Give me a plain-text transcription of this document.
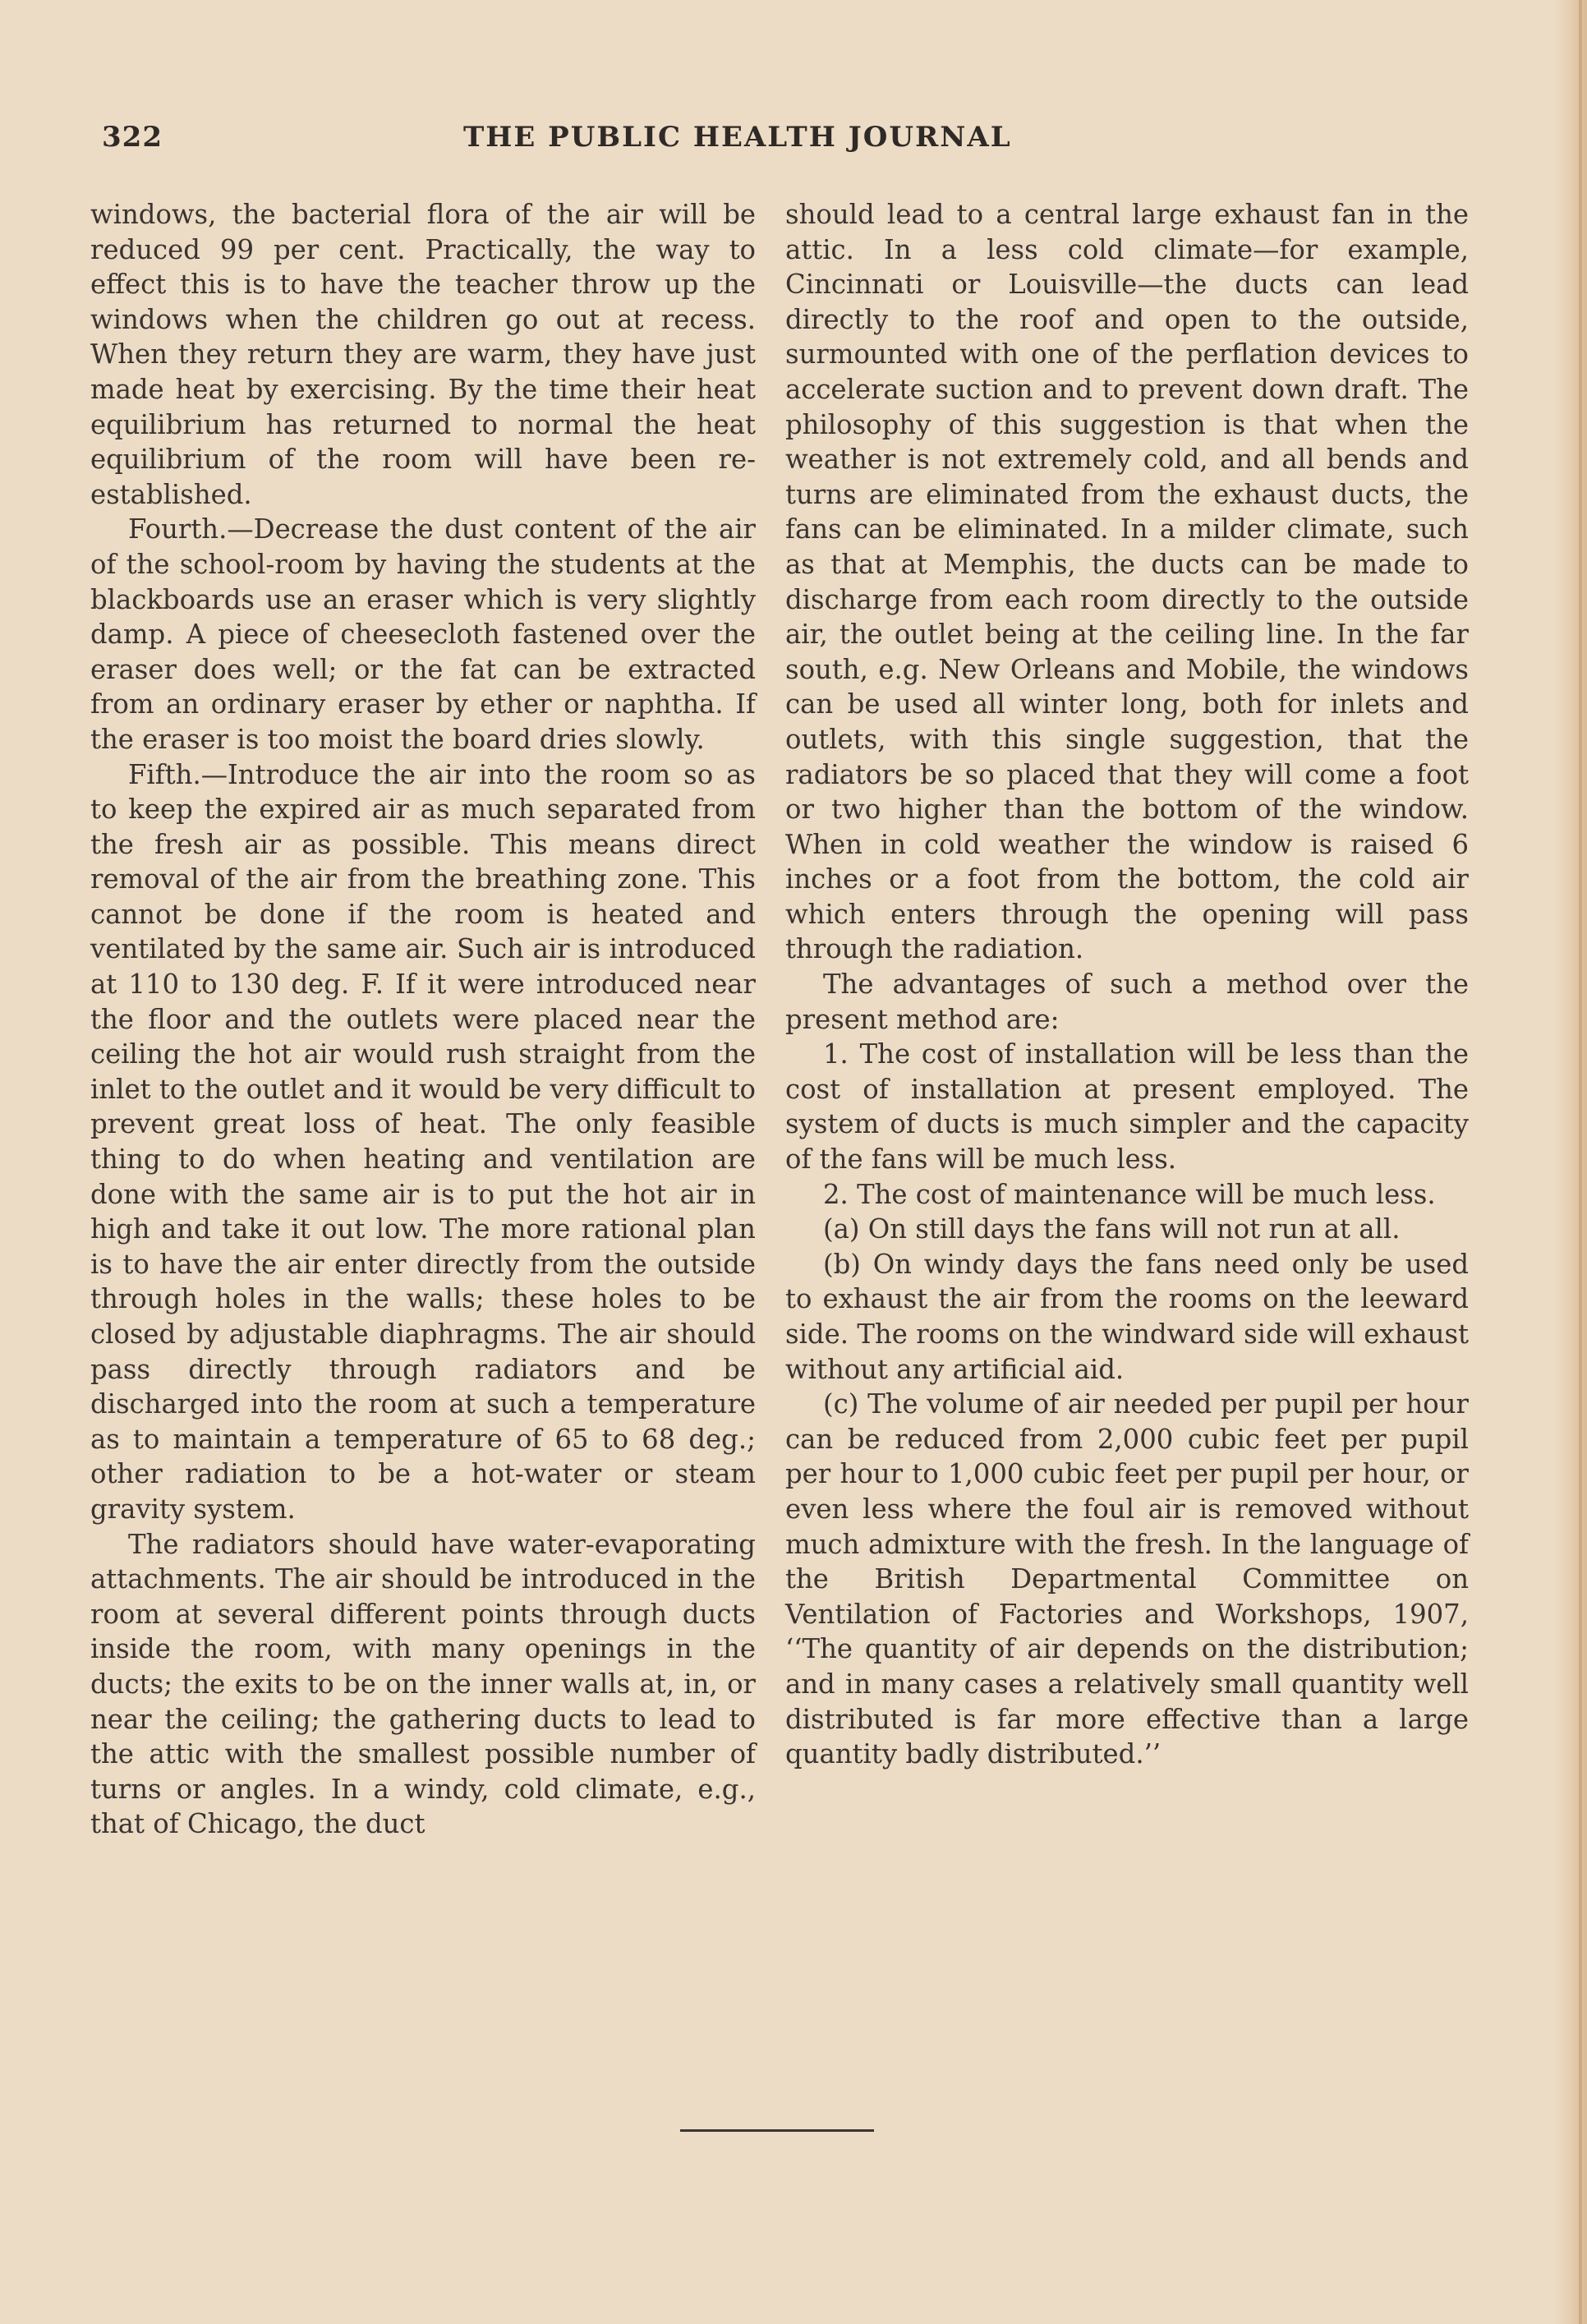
322	THE PUBLIC HEALTH JOURNAL

windows, the bacterial flora of the air will be reduced 99 per cent. Practically, the way to effect this is to have the teacher throw up the windows when the children go out at recess. When they return they are warm, they have just made heat by exercising. By the time their heat equilibrium has returned to normal the heat equilibrium of the room will have been re-established.

Fourth.—Decrease the dust content of the air of the school-room by having the students at the blackboards use an eraser which is very slightly damp. A piece of cheesecloth fastened over the eraser does well; or the fat can be extracted from an ordinary eraser by ether or naphtha. If the eraser is too moist the board dries slowly.

Fifth.—Introduce the air into the room so as to keep the expired air as much separated from the fresh air as possible. This means direct removal of the air from the breathing zone. This cannot be done if the room is heated and ventilated by the same air. Such air is introduced at 110 to 130 deg. F. If it were introduced near the floor and the outlets were placed near the ceiling the hot air would rush straight from the inlet to the outlet and it would be very difficult to prevent great loss of heat. The only feasible thing to do when heating and ventilation are done with the same air is to put the hot air in high and take it out low. The more rational plan is to have the air enter directly from the outside through holes in the walls; these holes to be closed by adjustable diaphragms. The air should pass directly through radiators and be discharged into the room at such a temperature as to maintain a temperature of 65 to 68 deg.; other radiation to be a hot-water or steam gravity system.

The radiators should have water-evaporating attachments. The air should be introduced in the room at several different points through ducts inside the room, with many openings in the ducts; the exits to be on the inner walls at, in, or near the ceiling; the gathering ducts to lead to the attic with the smallest possible number of turns or angles. In a windy, cold climate, e.g., that of Chicago, the duct

should lead to a central large exhaust fan in the attic. In a less cold climate—for example, Cincinnati or Louisville—the ducts can lead directly to the roof and open to the outside, surmounted with one of the perflation devices to accelerate suction and to prevent down draft. The philosophy of this suggestion is that when the weather is not extremely cold, and all bends and turns are eliminated from the exhaust ducts, the fans can be eliminated. In a milder climate, such as that at Memphis, the ducts can be made to discharge from each room directly to the outside air, the outlet being at the ceiling line. In the far south, e.g. New Orleans and Mobile, the windows can be used all winter long, both for inlets and outlets, with this single suggestion, that the radiators be so placed that they will come a foot or two higher than the bottom of the window. When in cold weather the window is raised 6 inches or a foot from the bottom, the cold air which enters through the opening will pass through the radiation.

The advantages of such a method over the present method are:

1. The cost of installation will be less than the cost of installation at present employed. The system of ducts is much simpler and the capacity of the fans will be much less.

2. The cost of maintenance will be much less.

(a) On still days the fans will not run at all.

(b) On windy days the fans need only be used to exhaust the air from the rooms on the leeward side. The rooms on the windward side will exhaust without any artificial aid.

(c) The volume of air needed per pupil per hour can be reduced from 2,000 cubic feet per pupil per hour to 1,000 cubic feet per pupil per hour, or even less where the foul air is removed without much admixture with the fresh. In the language of the British Departmental Committee on Ventilation of Factories and Workshops, 1907, ‘‘The quantity of air depends on the distribution; and in many cases a relatively small quantity well distributed is far more effective than a large quantity badly distributed.’’
